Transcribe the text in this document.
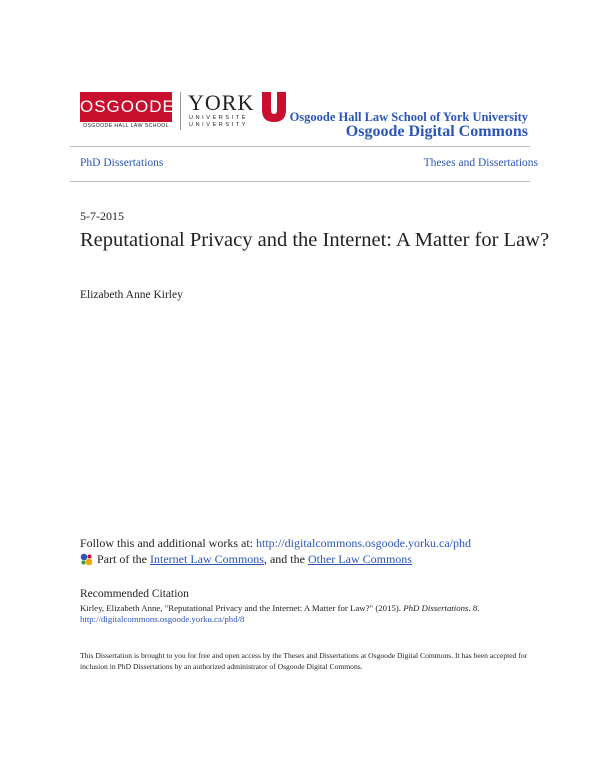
OSGOODE
OSGOODE HALL LAW SCHOOL
YORK
UNIVERSITÉ
UNIVERSITY
Osgoode Hall Law School of York University
Osgoode Digital Commons
PhD Dissertations	Theses and Dissertations
5-7-2015
Reputational Privacy and the Internet: A Matter for Law?
Elizabeth Anne Kirley
Follow this and additional works at: http://digitalcommons.osgoode.yorku.ca/phd
Part of the
Internet Law Commons , and the
Other Law Commons
Recommended Citation
Kirley, Elizabeth Anne, "Reputational Privacy and the Internet: A Matter for Law?" (2015). PhD Dissertations. 8.
http://digitalcommons.osgoode.yorku.ca/phd/8
This Dissertation is brought to you for free and open access by the Theses and Dissertations at Osgoode Digital Commons. It has been accepted for inclusion in PhD Dissertations by an authorized administrator of Osgoode Digital Commons.
